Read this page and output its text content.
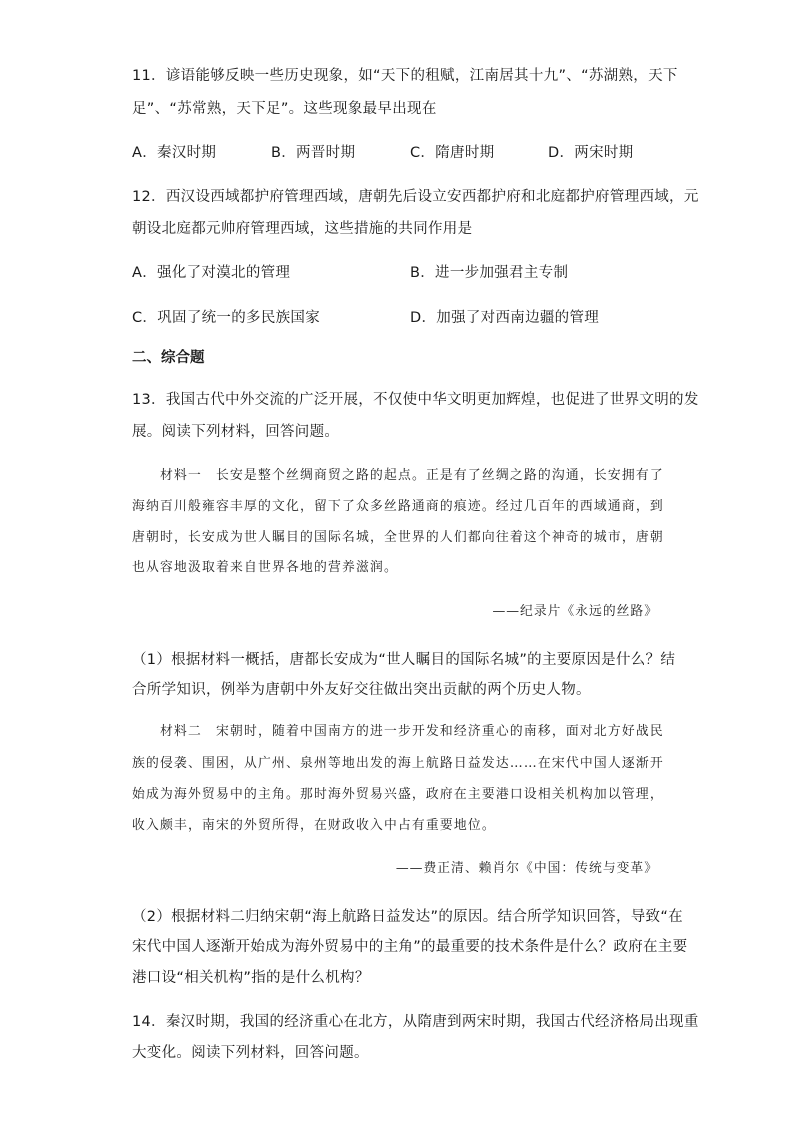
11．谚语能够反映一些历史现象，如“天下的租赋，江南居其十九”、“苏湖熟，天下
足”、“苏常熟，天下足”。这些现象最早出现在
A．秦汉时期	B．两晋时期	C．隋唐时期	D．两宋时期
12．西汉设西域都护府管理西域，唐朝先后设立安西都护府和北庭都护府管理西域，元
朝设北庭都元帅府管理西域，这些措施的共同作用是
A．强化了对漠北的管理	B．进一步加强君主专制
C．巩固了统一的多民族国家	D．加强了对西南边疆的管理
二、综合题
13．我国古代中外交流的广泛开展，不仅使中华文明更加辉煌，也促进了世界文明的发
展。阅读下列材料，回答问题。
材料一　长安是整个丝绸商贸之路的起点。正是有了丝绸之路的沟通，长安拥有了
海纳百川般雍容丰厚的文化，留下了众多丝路通商的痕迹。经过几百年的西域通商，到
唐朝时，长安成为世人瞩目的国际名城，全世界的人们都向往着这个神奇的城市，唐朝
也从容地汲取着来自世界各地的营养滋润。
——纪录片《永远的丝路》
（1）根据材料一概括，唐都长安成为“世人瞩目的国际名城”的主要原因是什么？结
合所学知识，例举为唐朝中外友好交往做出突出贡献的两个历史人物。
材料二　宋朝时，随着中国南方的进一步开发和经济重心的南移，面对北方好战民
族的侵袭、围困，从广州、泉州等地出发的海上航路日益发达……在宋代中国人逐渐开
始成为海外贸易中的主角。那时海外贸易兴盛，政府在主要港口设相关机构加以管理，
收入颇丰，南宋的外贸所得，在财政收入中占有重要地位。
——费正清、赖肖尔《中国：传统与变革》
（2）根据材料二归纳宋朝“海上航路日益发达”的原因。结合所学知识回答，导致“在
宋代中国人逐渐开始成为海外贸易中的主角”的最重要的技术条件是什么？政府在主要
港口设“相关机构”指的是什么机构？
14．秦汉时期，我国的经济重心在北方，从隋唐到两宋时期，我国古代经济格局出现重
大变化。阅读下列材料，回答问题。
